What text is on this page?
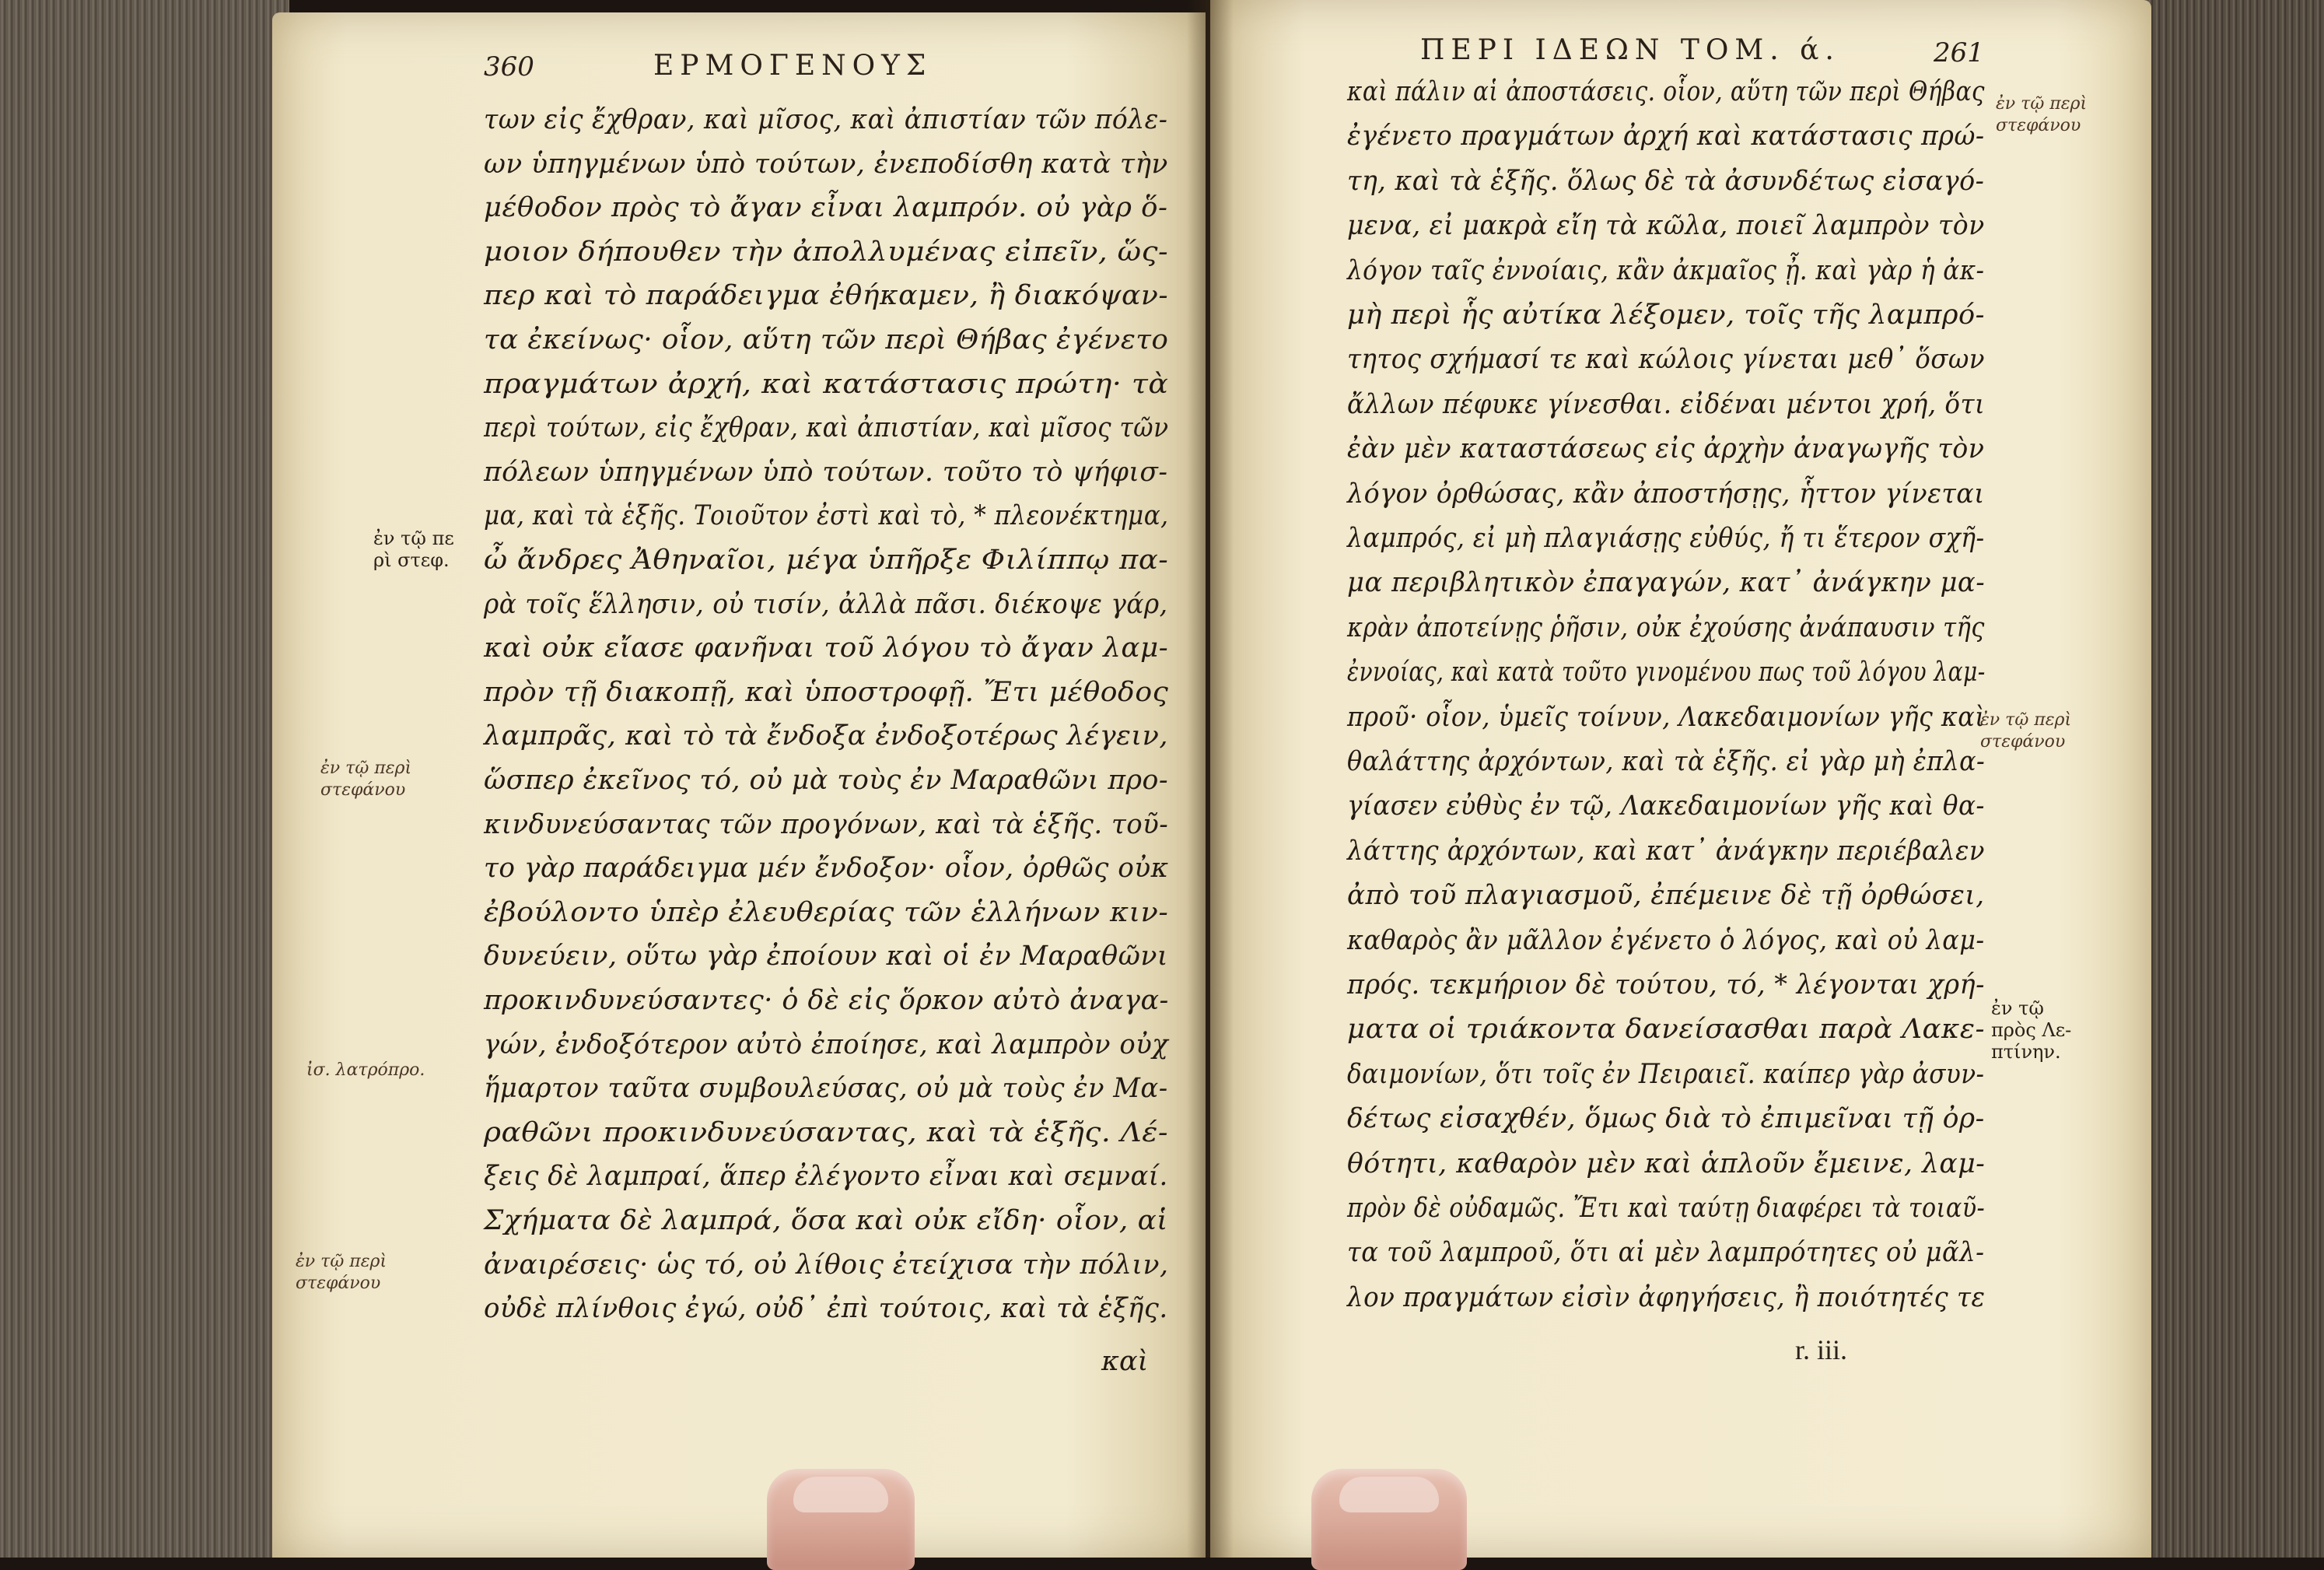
360	ΕΡΜΟΓΕΝΟΥΣ
των εἰς ἔχθραν, καὶ μῖσος, καὶ ἀπιστίαν τῶν πόλε-
ων ὑπηγμένων ὑπὸ τούτων, ἐνεποδίσθη κατὰ τὴν
μέθοδον πρὸς τὸ ἄγαν εἶναι λαμπρόν. οὐ γὰρ ὅ-
μοιον δήπουθεν τὴν ἀπολλυμένας εἰπεῖν, ὥς-
περ καὶ τὸ παράδειγμα ἐθήκαμεν, ἢ διακόψαν-
τα ἐκείνως· οἷον, αὕτη τῶν περὶ Θήβας ἐγένετο
πραγμάτων ἀρχή, καὶ κατάστασις πρώτη· τὰ
περὶ τούτων, εἰς ἔχθραν, καὶ ἀπιστίαν, καὶ μῖσος τῶν
πόλεων ὑπηγμένων ὑπὸ τούτων. τοῦτο τὸ ψήφισ-
μα, καὶ τὰ ἑξῆς. Τοιοῦτον ἐστὶ καὶ τὸ, * πλεονέκτημα,
ὦ ἄνδρες Ἀθηναῖοι, μέγα ὑπῆρξε Φιλίππῳ πα-
ρὰ τοῖς ἕλλησιν, οὐ τισίν, ἀλλὰ πᾶσι. διέκοψε γάρ,
καὶ οὐκ εἴασε φανῆναι τοῦ λόγου τὸ ἄγαν λαμ-
πρὸν τῇ διακοπῇ, καὶ ὑποστροφῇ. Ἔτι μέθοδος
λαμπρᾶς, καὶ τὸ τὰ ἔνδοξα ἐνδοξοτέρως λέγειν,
ὥσπερ ἐκεῖνος τό, οὐ μὰ τοὺς ἐν Μαραθῶνι προ-
κινδυνεύσαντας τῶν προγόνων, καὶ τὰ ἑξῆς. τοῦ-
το γὰρ παράδειγμα μέν ἔνδοξον· οἷον, ὀρθῶς οὐκ
ἐβούλοντο ὑπὲρ ἐλευθερίας τῶν ἑλλήνων κιν-
δυνεύειν, οὕτω γὰρ ἐποίουν καὶ οἱ ἐν Μαραθῶνι
προκινδυνεύσαντες· ὁ δὲ εἰς ὅρκον αὐτὸ ἀναγα-
γών, ἐνδοξότερον αὐτὸ ἐποίησε, καὶ λαμπρὸν οὐχ
ἥμαρτον ταῦτα συμβουλεύσας, οὐ μὰ τοὺς ἐν Μα-
ραθῶνι προκινδυνεύσαντας, καὶ τὰ ἑξῆς. Λέ-
ξεις δὲ λαμπραί, ἅπερ ἐλέγοντο εἶναι καὶ σεμναί.
Σχήματα δὲ λαμπρά, ὅσα καὶ οὐκ εἴδη· οἷον, αἱ
ἀναιρέσεις· ὡς τό, οὐ λίθοις ἐτείχισα τὴν πόλιν,
οὐδὲ πλίνθοις ἐγώ, οὐδ᾽ ἐπὶ τούτοις, καὶ τὰ ἑξῆς.
ἐν τῷ πε
ρὶ στεφ.
ἐν τῷ περὶ
στεφάνου
ἰσ. λατρόπρο.
ἐν τῷ περὶ
στεφάνου
καὶ
ΠΕΡΙ ΙΔΕΩΝ ΤΟΜ. ά.	261
καὶ πάλιν αἱ ἀποστάσεις. οἷον, αὕτη τῶν περὶ Θήβας
ἐγένετο πραγμάτων ἀρχή καὶ κατάστασις πρώ-
τη, καὶ τὰ ἑξῆς. ὅλως δὲ τὰ ἀσυνδέτως εἰσαγό-
μενα, εἰ μακρὰ εἴη τὰ κῶλα, ποιεῖ λαμπρὸν τὸν
λόγον ταῖς ἐννοίαις, κἂν ἀκμαῖος ᾖ. καὶ γὰρ ἡ ἀκ-
μὴ περὶ ἧς αὐτίκα λέξομεν, τοῖς τῆς λαμπρό-
τητος σχήμασί τε καὶ κώλοις γίνεται μεθ᾽ ὅσων
ἄλλων πέφυκε γίνεσθαι. εἰδέναι μέντοι χρή, ὅτι
ἐὰν μὲν καταστάσεως εἰς ἀρχὴν ἀναγωγῆς τὸν
λόγον ὀρθώσας, κἂν ἀποστήσῃς, ἧττον γίνεται
λαμπρός, εἰ μὴ πλαγιάσῃς εὐθύς, ἤ τι ἕτερον σχῆ-
μα περιβλητικὸν ἐπαγαγών, κατ᾽ ἀνάγκην μα-
κρὰν ἀποτείνῃς ῥῆσιν, οὐκ ἐχούσης ἀνάπαυσιν τῆς
ἐννοίας, καὶ κατὰ τοῦτο γινομένου πως τοῦ λόγου λαμ-
προῦ· οἷον, ὑμεῖς τοίνυν, Λακεδαιμονίων γῆς καὶ
θαλάττης ἀρχόντων, καὶ τὰ ἑξῆς. εἰ γὰρ μὴ ἐπλα-
γίασεν εὐθὺς ἐν τῷ, Λακεδαιμονίων γῆς καὶ θα-
λάττης ἀρχόντων, καὶ κατ᾽ ἀνάγκην περιέβαλεν
ἀπὸ τοῦ πλαγιασμοῦ, ἐπέμεινε δὲ τῇ ὀρθώσει,
καθαρὸς ἂν μᾶλλον ἐγένετο ὁ λόγος, καὶ οὐ λαμ-
πρός. τεκμήριον δὲ τούτου, τό, * λέγονται χρή-
ματα οἱ τριάκοντα δανείσασθαι παρὰ Λακε-
δαιμονίων, ὅτι τοῖς ἐν Πειραιεῖ. καίπερ γὰρ ἀσυν-
δέτως εἰσαχθέν, ὅμως διὰ τὸ ἐπιμεῖναι τῇ ὀρ-
θότητι, καθαρὸν μὲν καὶ ἁπλοῦν ἔμεινε, λαμ-
πρὸν δὲ οὐδαμῶς. Ἔτι καὶ ταύτῃ διαφέρει τὰ τοιαῦ-
τα τοῦ λαμπροῦ, ὅτι αἱ μὲν λαμπρότητες οὐ μᾶλ-
λον πραγμάτων εἰσὶν ἀφηγήσεις, ἢ ποιότητές τε
ἐν τῷ περὶ
στεφάνου
ἐν τῷ περὶ
στεφάνου
ἐν τῷ
πρὸς Λε-
πτίνην.
r. iii.
